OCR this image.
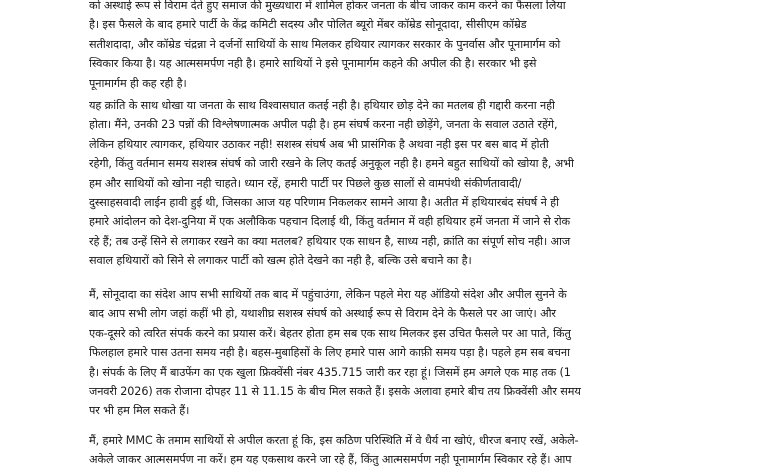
को अस्थाई रूप से विराम देते हुए समाज की मुख्यधारा में शामिल होकर जनता के बीच जाकर काम करने का फैसला लिया
है। इस फैसले के बाद हमारे पार्टी के केंद्र कमिटी सदस्य और पोलित ब्यूरो मेंबर कॉम्रेड सोनूदादा, सीसीएम कॉम्रेड
सतीशदादा, और कॉम्रेड चंद्रन्ना ने दर्जनों साथियों के साथ मिलकर हथियार त्यागकर सरकार के पुनर्वास और पूनामार्गम को
स्विकार किया है। यह आत्मसमर्पण नही है। हमारे साथियों ने इसे पूनामार्गम कहने की अपील की है। सरकार भी इसे
पूनामार्गम ही कह रही है।

यह क्रांति के साथ धोखा या जनता के साथ विश्वासघात कतई नही है। हथियार छोड़ देने का मतलब ही गद्दारी करना नही
होता। मैंने, उनकी 23 पन्नों की विश्लेषणात्मक अपील पढ़ी है। हम संघर्ष करना नही छोड़ेंगे, जनता के सवाल उठाते रहेंगे,
लेकिन हथियार त्यागकर, हथियार उठाकर नही! सशस्त्र संघर्ष अब भी प्रासंगिक है अथवा नही इस पर बस बाद में होती
रहेगी, किंतु वर्तमान समय सशस्त्र संघर्ष को जारी रखने के लिए कतई अनुकूल नही है। हमने बहुत साथियों को खोया है, अभी
हम और साथियों को खोना नही चाहते। ध्यान रहें, हमारी पार्टी पर पिछले कुछ सालों से वामपंथी संकीर्णतावादी/
दुस्साहसवादी लाईन हावी हुई थी, जिसका आज यह परिणाम निकलकर सामने आया है। अतीत में हथियारबंद संघर्ष ने ही
हमारे आंदोलन को देश-दुनिया में एक अलौकिक पहचान दिलाई थी, किंतु वर्तमान में वही हथियार हमें जनता में जाने से रोक
रहे हैं; तब उन्हें सिने से लगाकर रखने का क्या मतलब? हथियार एक साधन है, साध्य नही, क्रांति का संपूर्ण सोच नही। आज
सवाल हथियारों को सिने से लगाकर पार्टी को खत्म होते देखने का नही है, बल्कि उसे बचाने का है।

मैं, सोनूदादा का संदेश आप सभी साथियों तक बाद में पहुंचाउंगा, लेकिन पहले मेरा यह ऑडियो संदेश और अपील सुनने के
बाद आप सभी लोग जहां कहीं भी हो, यथाशीघ्र सशस्त्र संघर्ष को अस्थाई रूप से विराम देने के फैसले पर आ जाएं। और
एक-दूसरे को त्वरित संपर्क करने का प्रयास करें। बेहतर होता हम सब एक साथ मिलकर इस उचित फैसले पर आ पाते, किंतु
फिलहाल हमारे पास उतना समय नही है। बहस-मुबाहिसों के लिए हमारे पास आगे काफ़ी समय पड़ा है। पहले हम सब बचना
है। संपर्क के लिए मैं बाउफेंग का एक खुला फ्रिक्वेंसी नंबर 435.715 जारी कर रहा हूं। जिसमें हम अगले एक माह तक (1
जनवरी 2026) तक रोजाना दोपहर 11 से 11.15 के बीच मिल सकते हैं। इसके अलावा हमारे बीच तय फ्रिक्वेंसी और समय
पर भी हम मिल सकते हैं।

मैं, हमारे MMC के तमाम साथियों से अपील करता हूं कि, इस कठिण परिस्थिति में वे धैर्य ना खोएं, धीरज बनाए रखें, अकेले-
अकेले जाकर आत्मसमर्पण ना करें। हम यह एकसाथ करने जा रहे हैं, किंतु आत्मसमर्पण नही पूनामार्गम स्विकार रहे हैं। आप
